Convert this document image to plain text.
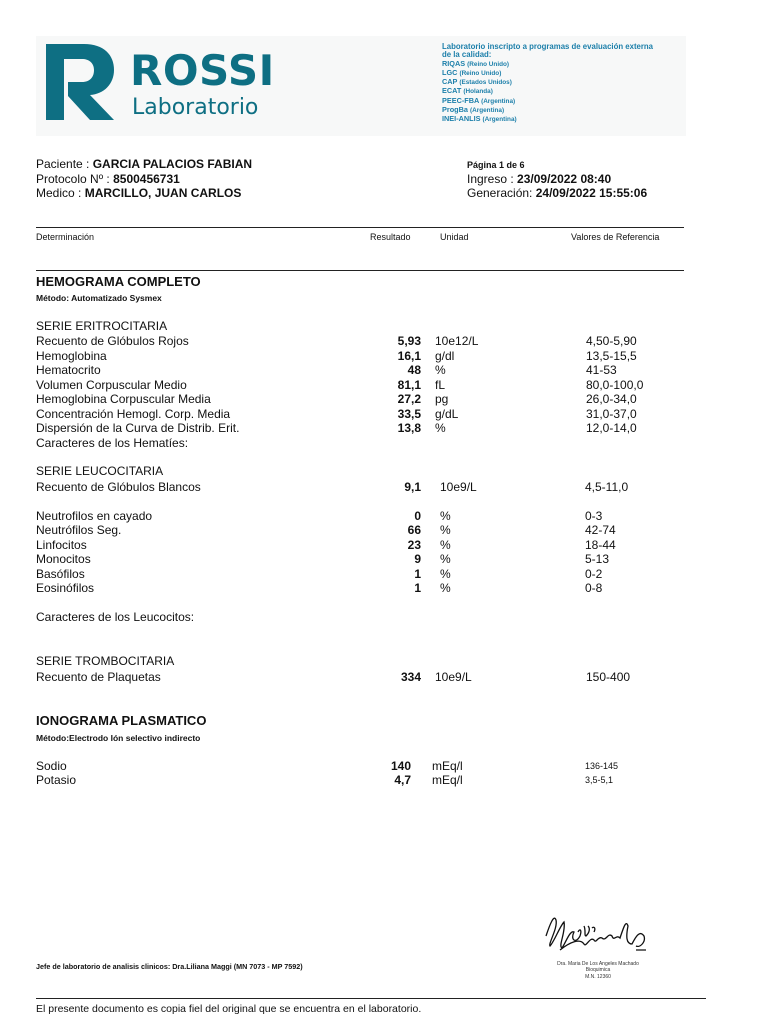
ROSSI
Laboratorio
Laboratorio inscripto a programas de evaluación externa
de la calidad:
RIQAS (Reino Unido)
LGC (Reino Unido)
CAP (Estados Unidos)
ECAT (Holanda)
PEEC-FBA (Argentina)
ProgBa (Argentina)
INEI-ANLIS (Argentina)
Paciente : GARCIA PALACIOS FABIAN
Protocolo Nº : 8500456731
Medico : MARCILLO, JUAN CARLOS
Página 1 de 6
Ingreso : 23/09/2022 08:40
Generación: 24/09/2022 15:55:06
Determinación	Resultado	Unidad	Valores de Referencia
HEMOGRAMA COMPLETO
Método: Automatizado Sysmex
SERIE ERITROCITARIA
Recuento de Glóbulos Rojos	5,93 10e12/L	4,50-5,90
Hemoglobina	16,1 g/dl	13,5-15,5
Hematocrito	48 %	41-53
Volumen Corpuscular Medio	81,1 fL	80,0-100,0
Hemoglobina Corpuscular Media	27,2 pg	26,0-34,0
Concentración Hemogl. Corp. Media	33,5 g/dL	31,0-37,0
Dispersión de la Curva de Distrib. Erit.	13,8 %	12,0-14,0
Caracteres de los Hematíes:
SERIE LEUCOCITARIA
Recuento de Glóbulos Blancos	9,1 10e9/L	4,5-11,0
Neutrofilos en cayado	0 %	0-3
Neutrófilos Seg.	66 %	42-74
Linfocitos	23 %	18-44
Monocitos	9 %	5-13
Basófilos	1 %	0-2
Eosinófilos	1 %	0-8
Caracteres de los Leucocitos:
SERIE TROMBOCITARIA
Recuento de Plaquetas	334 10e9/L	150-400
IONOGRAMA PLASMATICO
Método:Electrodo Ión selectivo indirecto
Sodio	140 mEq/l	136-145
Potasio	4,7 mEq/l	3,5-5,1
Jefe de laboratorio de analisis clinicos: Dra.Liliana Maggi (MN 7073 - MP 7592)	Dra. Maria De Los Angeles Machado
Bioquimica
M.N. 12360
El presente documento es copia fiel del original que se encuentra en el laboratorio.
